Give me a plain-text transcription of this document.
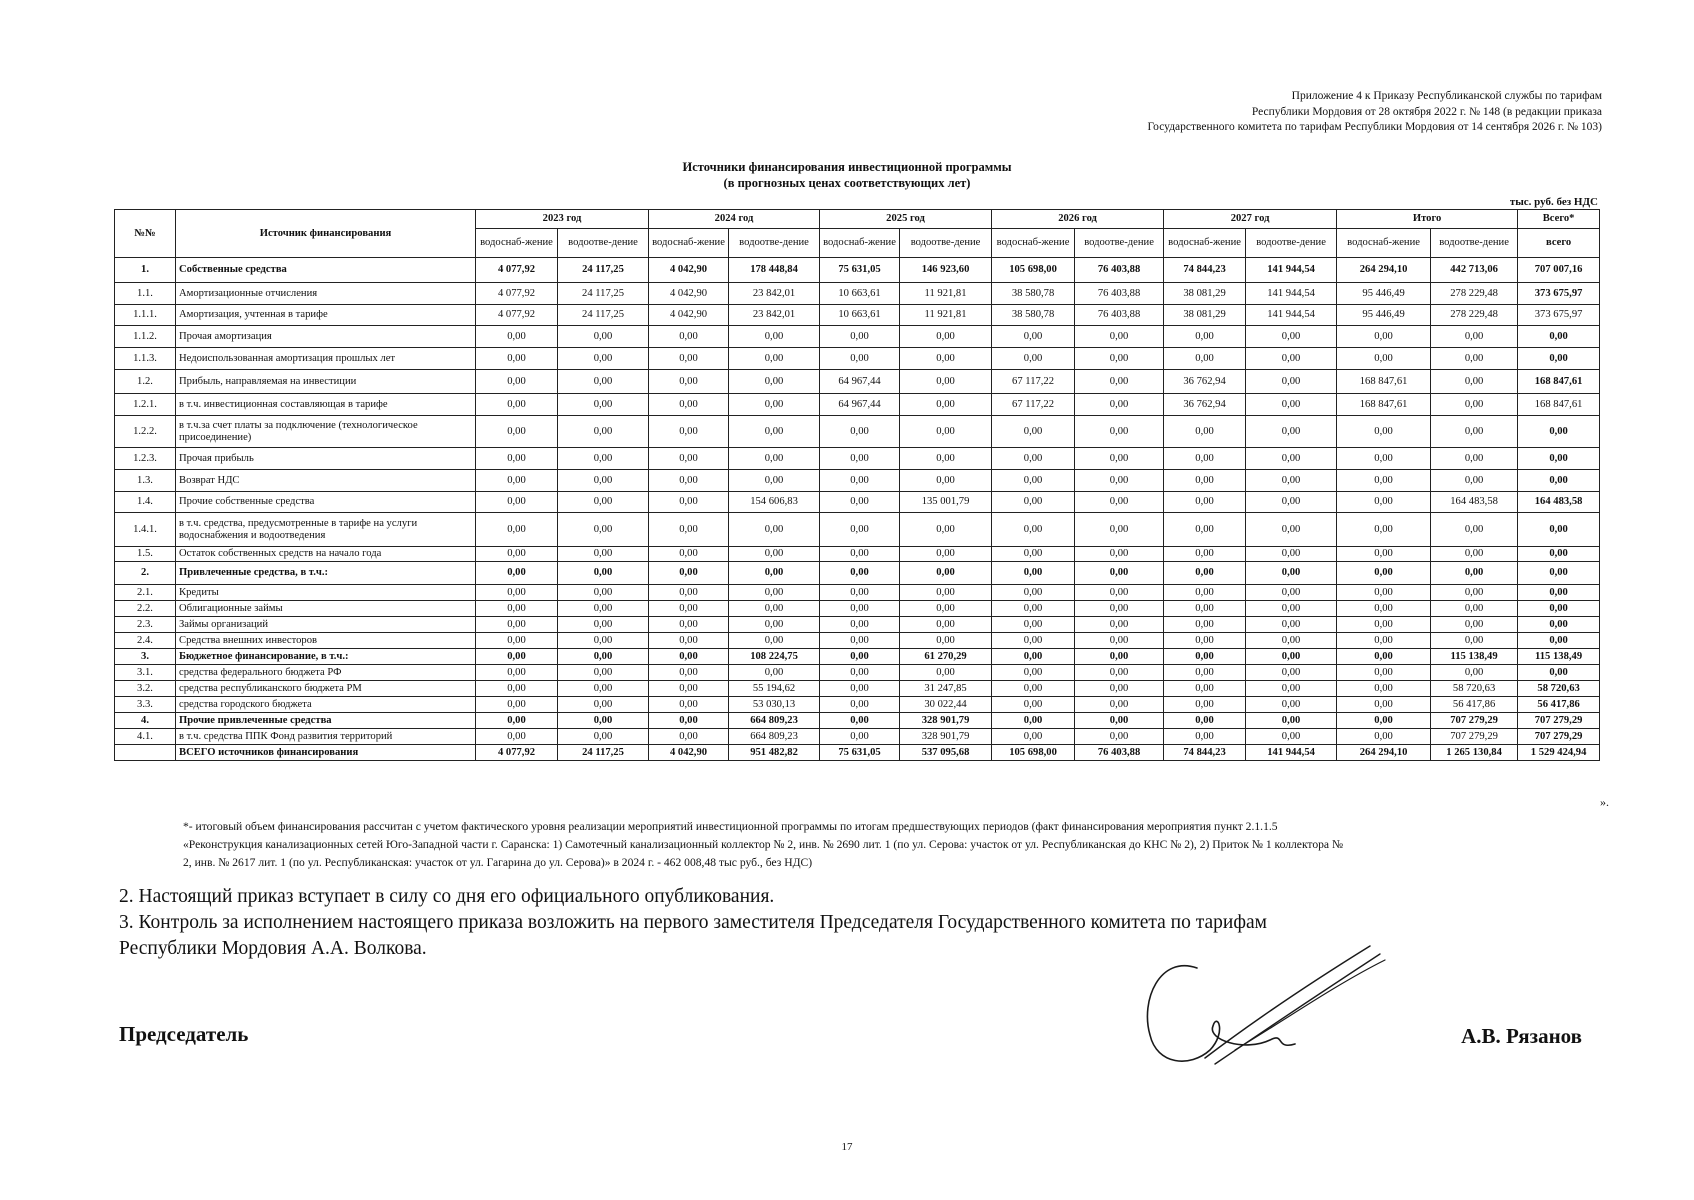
Приложение 4 к Приказу Республиканской службы по тарифам
Республики Мордовия от 28 октября 2022 г. № 148 (в редакции приказа
Государственного комитета по тарифам Республики Мордовия от 14 сентября 2026 г. № 103)
Источники финансирования инвестиционной программы
(в прогнозных ценах соответствующих лет)
тыс. руб. без НДС
№№	Источник финансирования	2023 год		2024 год		2025 год		2026 год		2027 год		Итого		Всего*
		водоснаб-жение	водоотве-дение	водоснаб-жение	водоотве-дение	водоснаб-жение	водоотве-дение	водоснаб-жение	водоотве-дение	водоснаб-жение	водоотве-дение	водоснаб-жение	водоотве-дение	всего
1.	Собственные средства	4 077,92	24 117,25	4 042,90	178 448,84	75 631,05	146 923,60	105 698,00	76 403,88	74 844,23	141 944,54	264 294,10	442 713,06	707 007,16
1.1.	Амортизационные отчисления	4 077,92	24 117,25	4 042,90	23 842,01	10 663,61	11 921,81	38 580,78	76 403,88	38 081,29	141 944,54	95 446,49	278 229,48	373 675,97
1.1.1.	Амортизация, учтенная в тарифе	4 077,92	24 117,25	4 042,90	23 842,01	10 663,61	11 921,81	38 580,78	76 403,88	38 081,29	141 944,54	95 446,49	278 229,48	373 675,97
1.1.2.	Прочая амортизация	0,00	0,00	0,00	0,00	0,00	0,00	0,00	0,00	0,00	0,00	0,00	0,00	0,00
1.1.3.	Недоиспользованная амортизация прошлых лет	0,00	0,00	0,00	0,00	0,00	0,00	0,00	0,00	0,00	0,00	0,00	0,00	0,00
1.2.	Прибыль, направляемая на инвестиции	0,00	0,00	0,00	0,00	64 967,44	0,00	67 117,22	0,00	36 762,94	0,00	168 847,61	0,00	168 847,61
1.2.1.	в т.ч. инвестиционная составляющая в тарифе	0,00	0,00	0,00	0,00	64 967,44	0,00	67 117,22	0,00	36 762,94	0,00	168 847,61	0,00	168 847,61
1.2.2.	в т.ч.за счет платы за подключение (технологическое присоединение)	0,00	0,00	0,00	0,00	0,00	0,00	0,00	0,00	0,00	0,00	0,00	0,00	0,00
1.2.3.	Прочая прибыль	0,00	0,00	0,00	0,00	0,00	0,00	0,00	0,00	0,00	0,00	0,00	0,00	0,00
1.3.	Возврат НДС	0,00	0,00	0,00	0,00	0,00	0,00	0,00	0,00	0,00	0,00	0,00	0,00	0,00
1.4.	Прочие собственные средства	0,00	0,00	0,00	154 606,83	0,00	135 001,79	0,00	0,00	0,00	0,00	0,00	164 483,58	164 483,58
1.4.1.	в т.ч. средства, предусмотренные в тарифе на услуги водоснабжения и водоотведения	0,00	0,00	0,00	0,00	0,00	0,00	0,00	0,00	0,00	0,00	0,00	0,00	0,00
1.5.	Остаток собственных средств на начало года	0,00	0,00	0,00	0,00	0,00	0,00	0,00	0,00	0,00	0,00	0,00	0,00	0,00
2.	Привлеченные средства, в т.ч.:	0,00	0,00	0,00	0,00	0,00	0,00	0,00	0,00	0,00	0,00	0,00	0,00	0,00
2.1.	Кредиты	0,00	0,00	0,00	0,00	0,00	0,00	0,00	0,00	0,00	0,00	0,00	0,00	0,00
2.2.	Облигационные займы	0,00	0,00	0,00	0,00	0,00	0,00	0,00	0,00	0,00	0,00	0,00	0,00	0,00
2.3.	Займы организаций	0,00	0,00	0,00	0,00	0,00	0,00	0,00	0,00	0,00	0,00	0,00	0,00	0,00
2.4.	Средства внешних инвесторов	0,00	0,00	0,00	0,00	0,00	0,00	0,00	0,00	0,00	0,00	0,00	0,00	0,00
3.	Бюджетное финансирование, в т.ч.:	0,00	0,00	0,00	108 224,75	0,00	61 270,29	0,00	0,00	0,00	0,00	0,00	115 138,49	115 138,49
3.1.	средства федерального бюджета РФ	0,00	0,00	0,00	0,00	0,00	0,00	0,00	0,00	0,00	0,00	0,00	0,00	0,00
3.2.	средства республиканского бюджета РМ	0,00	0,00	0,00	55 194,62	0,00	31 247,85	0,00	0,00	0,00	0,00	0,00	58 720,63	58 720,63
3.3.	средства городского бюджета	0,00	0,00	0,00	53 030,13	0,00	30 022,44	0,00	0,00	0,00	0,00	0,00	56 417,86	56 417,86
4.	Прочие привлеченные средства	0,00	0,00	0,00	664 809,23	0,00	328 901,79	0,00	0,00	0,00	0,00	0,00	707 279,29	707 279,29
4.1.	в т.ч. средства ППК Фонд развития территорий	0,00	0,00	0,00	664 809,23	0,00	328 901,79	0,00	0,00	0,00	0,00	0,00	707 279,29	707 279,29
	ВСЕГО источников финансирования	4 077,92	24 117,25	4 042,90	951 482,82	75 631,05	537 095,68	105 698,00	76 403,88	74 844,23	141 944,54	264 294,10	1 265 130,84	1 529 424,94
».
*- итоговый объем финансирования рассчитан с учетом фактического уровня реализации мероприятий инвестиционной программы по итогам предшествующих периодов (факт финансирования мероприятия пункт 2.1.1.5
«Реконструкция канализационных сетей Юго-Западной части г. Саранска: 1) Самотечный канализационный коллектор № 2, инв. № 2690 лит. 1 (по ул. Серова: участок от ул. Республиканская до КНС № 2), 2) Приток № 1 коллектора №
2, инв. № 2617 лит. 1 (по ул. Республиканская: участок от ул. Гагарина до ул. Серова)» в 2024 г. - 462 008,48 тыс руб., без НДС)
2. Настоящий приказ вступает в силу со дня его официального опубликования.
3. Контроль за исполнением настоящего приказа возложить на первого заместителя Председателя Государственного комитета по тарифам
Республики Мордовия А.А. Волкова.
Председатель	А.В. Рязанов
17
